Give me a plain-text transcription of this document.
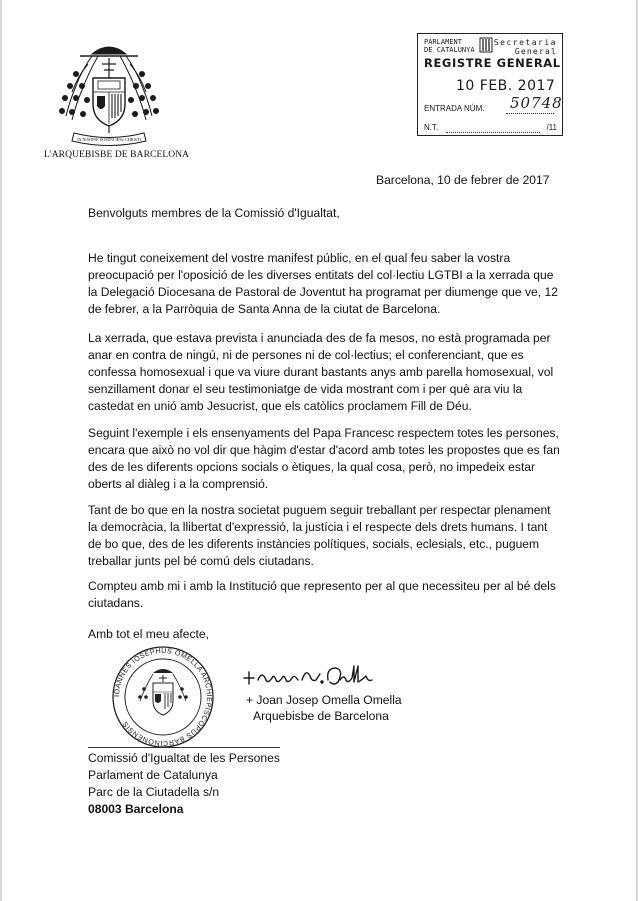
IN NOMINE DOMINI IESU CHRISTI
L'ARQUEBISBE DE BARCELONA
PARLAMENT
DE CATALUNYA
Secretaria
General
REGISTRE GENERAL
10 FEB. 2017
ENTRADA NÚM.	50748
N.T.	/11
Barcelona, 10 de febrer de 2017
Benvolguts membres de la Comissió d'Igualtat,
He tingut coneixement del vostre manifest públic, en el qual feu saber la vostra
preocupació per l'oposició de les diverses entitats del col·lectiu LGTBI a la xerrada que
la Delegació Diocesana de Pastoral de Joventut ha programat per diumenge que ve, 12
de febrer, a la Parròquia de Santa Anna de la ciutat de Barcelona.
La xerrada, que estava prevista i anunciada des de fa mesos, no està programada per
anar en contra de ningú, ni de persones ni de col·lectius; el conferenciant, que es
confessa homosexual i que va viure durant bastants anys amb parella homosexual, vol
senzillament donar el seu testimoniatge de vida mostrant com i per què ara viu la
castedat en unió amb Jesucrist, que els catòlics proclamem Fill de Déu.
Seguint l'exemple i els ensenyaments del Papa Francesc respectem totes les persones,
encara que això no vol dir que hàgim d'estar d'acord amb totes les propostes que es fan
des de les diferents opcions socials o ètiques, la qual cosa, però, no impedeix estar
oberts al diàleg i a la comprensió.
Tant de bo que en la nostra societat puguem seguir treballant per respectar plenament
la democràcia, la llibertat d'expressió, la justícia i el respecte dels drets humans. I tant
de bo que, des de les diferents instàncies polítiques, socials, eclesials, etc., puguem
treballar junts pel bé comú dels ciutadans.
Compteu amb mi i amb la Institució que represento per al que necessiteu per al bé dels
ciutadans.
Amb tot el meu afecte,
IOANNES IOSEPHUS OMELLA ARCHIEPISCOPUS BARCINONENSIS
+ Joan J. Omella
+ Joan Josep Omella Omella
Arquebisbe de Barcelona
Comissió d'Igualtat de les Persones
Parlament de Catalunya
Parc de la Ciutadella s/n
08003 Barcelona
